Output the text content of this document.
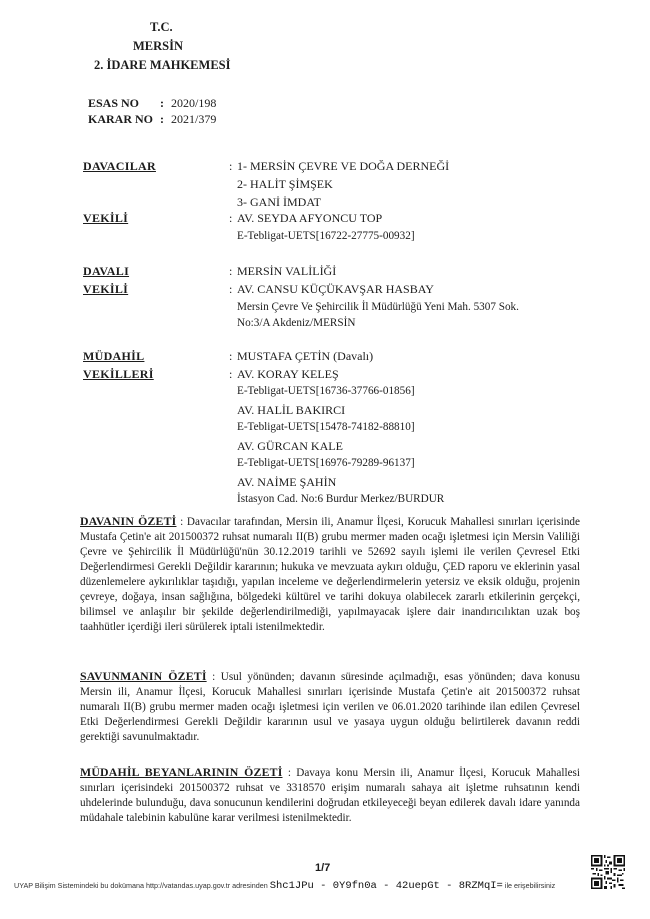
T.C.
MERSİN
2. İDARE MAHKEMESİ
ESAS NO : 2020/198
KARAR NO : 2021/379
DAVACILAR	: 1- MERSİN ÇEVRE VE DOĞA DERNEĞİ
2- HALİT ŞİMŞEK
3- GANİ İMDAT
VEKİLİ	: AV. SEYDA AFYONCU TOP
E-Tebligat-UETS[16722-27775-00932]
DAVALI	: MERSİN VALİLİĞİ
VEKİLİ	: AV. CANSU KÜÇÜKAVŞAR HASBAY
Mersin Çevre Ve Şehircilik İl Müdürlüğü Yeni Mah. 5307 Sok.
No:3/A Akdeniz/MERSİN
MÜDAHİL	: MUSTAFA ÇETİN (Davalı)
VEKİLLERİ	: AV. KORAY KELEŞ
E-Tebligat-UETS[16736-37766-01856]
AV. HALİL BAKIRCI
E-Tebligat-UETS[15478-74182-88810]
AV. GÜRCAN KALE
E-Tebligat-UETS[16976-79289-96137]
AV. NAİME ŞAHİN
İstasyon Cad. No:6 Burdur Merkez/BURDUR
DAVANIN ÖZETİ : Davacılar tarafından, Mersin ili, Anamur İlçesi, Korucuk Mahallesi sınırları içerisinde Mustafa Çetin'e ait 201500372 ruhsat numaralı II(B) grubu mermer maden ocağı işletmesi için Mersin Valiliği Çevre ve Şehircilik İl Müdürlüğü'nün 30.12.2019 tarihli ve 52692 sayılı işlemi ile verilen Çevresel Etki Değerlendirmesi Gerekli Değildir kararının; hukuka ve mevzuata aykırı olduğu, ÇED raporu ve eklerinin yasal düzenlemelere aykırılıklar taşıdığı, yapılan inceleme ve değerlendirmelerin yetersiz ve eksik olduğu, projenin çevreye, doğaya, insan sağlığına, bölgedeki kültürel ve tarihi dokuya olabilecek zararlı etkilerinin gerçekçi, bilimsel ve anlaşılır bir şekilde değerlendirilmediği, yapılmayacak işlere dair inandırıcılıktan uzak boş taahhütler içerdiği ileri sürülerek iptali istenilmektedir.
SAVUNMANIN ÖZETİ : Usul yönünden; davanın süresinde açılmadığı, esas yönünden; dava konusu Mersin ili, Anamur İlçesi, Korucuk Mahallesi sınırları içerisinde Mustafa Çetin'e ait 201500372 ruhsat numaralı II(B) grubu mermer maden ocağı işletmesi için verilen ve 06.01.2020 tarihinde ilan edilen Çevresel Etki Değerlendirmesi Gerekli Değildir kararının usul ve yasaya uygun olduğu belirtilerek davanın reddi gerektiği savunulmaktadır.
MÜDAHİL BEYANLARININ ÖZETİ : Davaya konu Mersin ili, Anamur İlçesi, Korucuk Mahallesi sınırları içerisindeki 201500372 ruhsat ve 3318570 erişim numaralı sahaya ait işletme ruhsatının kendi uhdelerinde bulunduğu, dava sonucunun kendilerini doğrudan etkileyeceği beyan edilerek davalı idare yanında müdahale talebinin kabulüne karar verilmesi istenilmektedir.
1/7
UYAP Bilişim Sistemindeki bu dokümana http://vatandas.uyap.gov.tr adresinden Shc1JPu - 0Y9fn0a - 42uepGt - 8RZMqI= ile erişebilirsiniz
